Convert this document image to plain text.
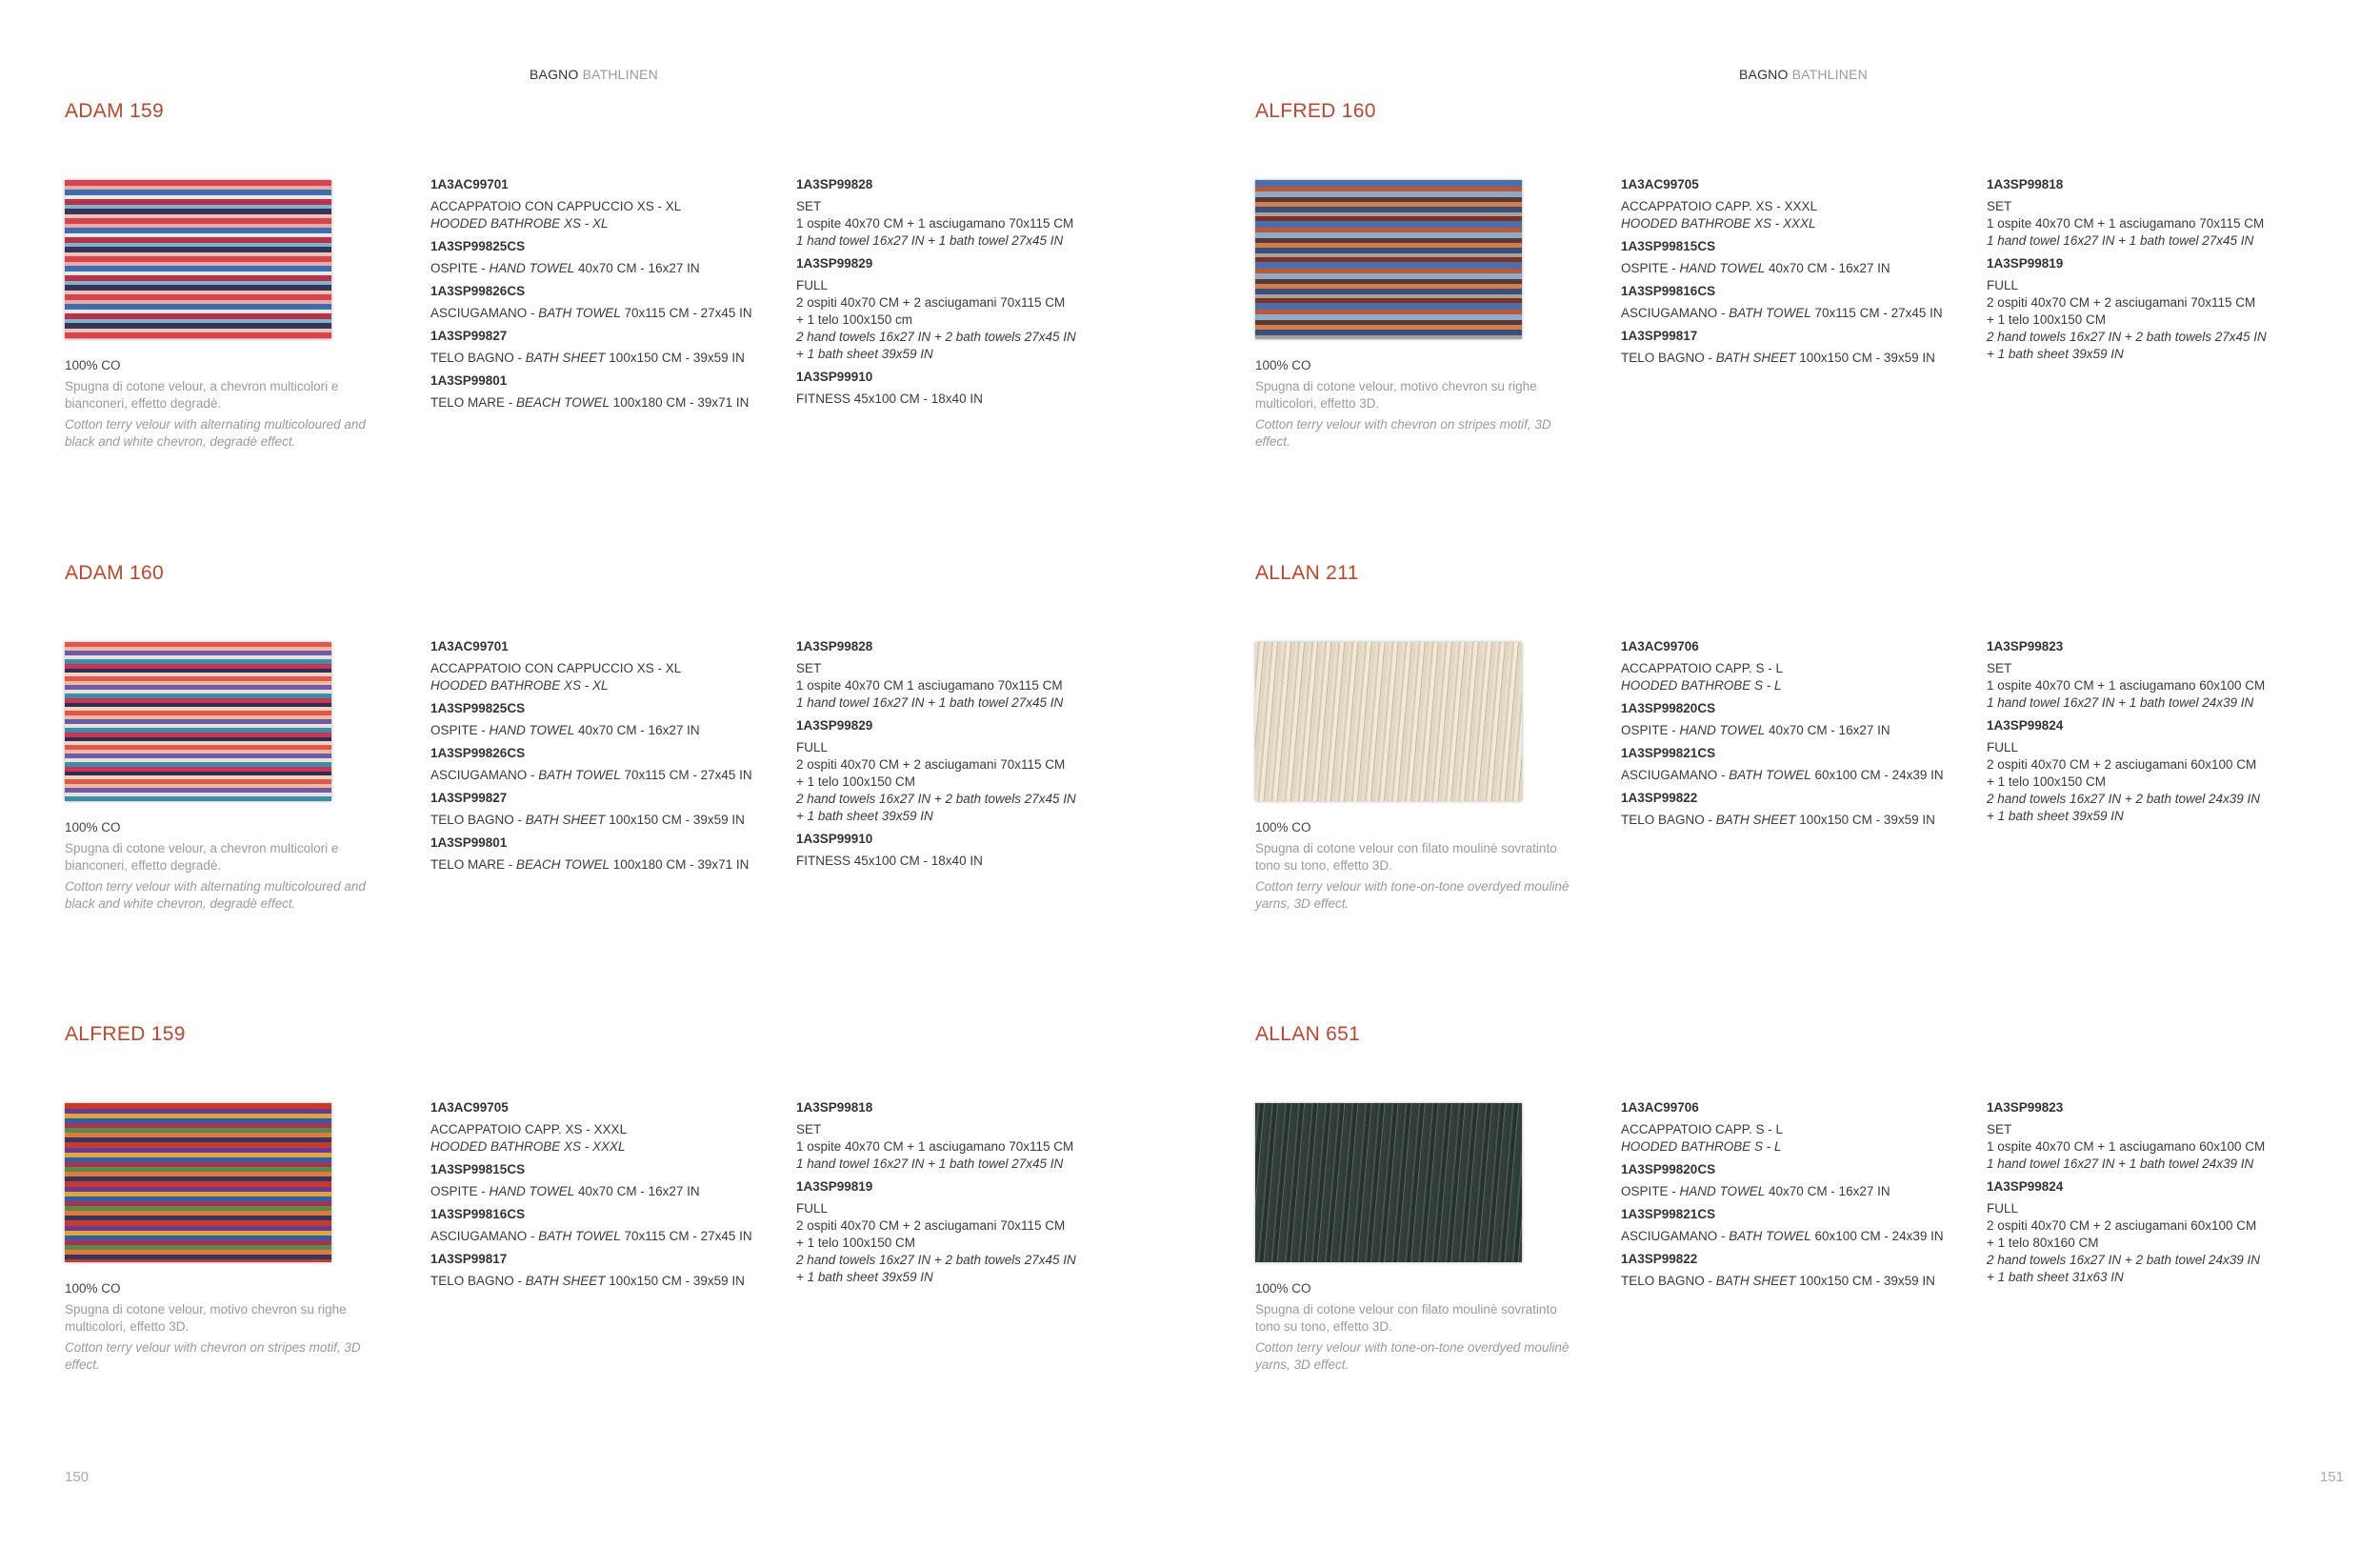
BAGNO BATHLINEN
ADAM 159
100% CO
Spugna di cotone velour, a chevron multicolori e bianconeri, effetto degradè.
Cotton terry velour with alternating multicoloured and black and white chevron, degradè effect.
1A3AC99701
ACCAPPATOIO CON CAPPUCCIO XS - XL
HOODED BATHROBE XS - XL
1A3SP99825CS
OSPITE - HAND TOWEL 40x70 CM - 16x27 IN
1A3SP99826CS
ASCIUGAMANO - BATH TOWEL 70x115 CM - 27x45 IN
1A3SP99827
TELO BAGNO - BATH SHEET 100x150 CM - 39x59 IN
1A3SP99801
TELO MARE - BEACH TOWEL 100x180 CM - 39x71 IN
1A3SP99828
SET
1 ospite 40x70 CM + 1 asciugamano 70x115 CM
1 hand towel 16x27 IN + 1 bath towel 27x45 IN
1A3SP99829
FULL
2 ospiti 40x70 CM + 2 asciugamani 70x115 CM
+ 1 telo 100x150 cm
2 hand towels 16x27 IN + 2 bath towels 27x45 IN
+ 1 bath sheet 39x59 IN
1A3SP99910
FITNESS 45x100 CM - 18x40 IN
ADAM 160
100% CO
Spugna di cotone velour, a chevron multicolori e bianconeri, effetto degradè.
Cotton terry velour with alternating multicoloured and black and white chevron, degradè effect.
1A3AC99701
ACCAPPATOIO CON CAPPUCCIO XS - XL
HOODED BATHROBE XS - XL
1A3SP99825CS
OSPITE - HAND TOWEL 40x70 CM - 16x27 IN
1A3SP99826CS
ASCIUGAMANO - BATH TOWEL 70x115 CM - 27x45 IN
1A3SP99827
TELO BAGNO - BATH SHEET 100x150 CM - 39x59 IN
1A3SP99801
TELO MARE - BEACH TOWEL 100x180 CM - 39x71 IN
1A3SP99828
SET
1 ospite 40x70 CM 1 asciugamano 70x115 CM
1 hand towel 16x27 IN + 1 bath towel 27x45 IN
1A3SP99829
FULL
2 ospiti 40x70 CM + 2 asciugamani 70x115 CM
+ 1 telo 100x150 CM
2 hand towels 16x27 IN + 2 bath towels 27x45 IN
+ 1 bath sheet 39x59 IN
1A3SP99910
FITNESS 45x100 CM - 18x40 IN
ALFRED 159
100% CO
Spugna di cotone velour, motivo chevron su righe multicolori, effetto 3D.
Cotton terry velour with chevron on stripes motif, 3D effect.
1A3AC99705
ACCAPPATOIO CAPP. XS - XXXL
HOODED BATHROBE XS - XXXL
1A3SP99815CS
OSPITE - HAND TOWEL 40x70 CM - 16x27 IN
1A3SP99816CS
ASCIUGAMANO - BATH TOWEL 70x115 CM - 27x45 IN
1A3SP99817
TELO BAGNO - BATH SHEET 100x150 CM - 39x59 IN
1A3SP99818
SET
1 ospite 40x70 CM + 1 asciugamano 70x115 CM
1 hand towel 16x27 IN + 1 bath towel 27x45 IN
1A3SP99819
FULL
2 ospiti 40x70 CM + 2 asciugamani 70x115 CM
+ 1 telo 100x150 CM
2 hand towels 16x27 IN + 2 bath towels 27x45 IN
+ 1 bath sheet 39x59 IN
150
BAGNO BATHLINEN
ALFRED 160
100% CO
Spugna di cotone velour, motivo chevron su righe multicolori, effetto 3D.
Cotton terry velour with chevron on stripes motif, 3D effect.
1A3AC99705
ACCAPPATOIO CAPP. XS - XXXL
HOODED BATHROBE XS - XXXL
1A3SP99815CS
OSPITE - HAND TOWEL 40x70 CM - 16x27 IN
1A3SP99816CS
ASCIUGAMANO - BATH TOWEL 70x115 CM - 27x45 IN
1A3SP99817
TELO BAGNO - BATH SHEET 100x150 CM - 39x59 IN
1A3SP99818
SET
1 ospite 40x70 CM + 1 asciugamano 70x115 CM
1 hand towel 16x27 IN + 1 bath towel 27x45 IN
1A3SP99819
FULL
2 ospiti 40x70 CM + 2 asciugamani 70x115 CM
+ 1 telo 100x150 CM
2 hand towels 16x27 IN + 2 bath towels 27x45 IN
+ 1 bath sheet 39x59 IN
ALLAN 211
100% CO
Spugna di cotone velour con filato moulinè sovratinto tono su tono, effetto 3D.
Cotton terry velour with tone-on-tone overdyed moulinè yarns, 3D effect.
1A3AC99706
ACCAPPATOIO CAPP. S - L
HOODED BATHROBE S - L
1A3SP99820CS
OSPITE - HAND TOWEL 40x70 CM - 16x27 IN
1A3SP99821CS
ASCIUGAMANO - BATH TOWEL 60x100 CM - 24x39 IN
1A3SP99822
TELO BAGNO - BATH SHEET 100x150 CM - 39x59 IN
1A3SP99823
SET
1 ospite 40x70 CM + 1 asciugamano 60x100 CM
1 hand towel 16x27 IN + 1 bath towel 24x39 IN
1A3SP99824
FULL
2 ospiti 40x70 CM + 2 asciugamani 60x100 CM
+ 1 telo 100x150 CM
2 hand towels 16x27 IN + 2 bath towel 24x39 IN
+ 1 bath sheet 39x59 IN
ALLAN 651
100% CO
Spugna di cotone velour con filato moulinè sovratinto tono su tono, effetto 3D.
Cotton terry velour with tone-on-tone overdyed moulinè yarns, 3D effect.
1A3AC99706
ACCAPPATOIO CAPP. S - L
HOODED BATHROBE S - L
1A3SP99820CS
OSPITE - HAND TOWEL 40x70 CM - 16x27 IN
1A3SP99821CS
ASCIUGAMANO - BATH TOWEL 60x100 CM - 24x39 IN
1A3SP99822
TELO BAGNO - BATH SHEET 100x150 CM - 39x59 IN
1A3SP99823
SET
1 ospite 40x70 CM + 1 asciugamano 60x100 CM
1 hand towel 16x27 IN + 1 bath towel 24x39 IN
1A3SP99824
FULL
2 ospiti 40x70 CM + 2 asciugamani 60x100 CM
+ 1 telo 80x160 CM
2 hand towels 16x27 IN + 2 bath towel 24x39 IN
+ 1 bath sheet 31x63 IN
151
